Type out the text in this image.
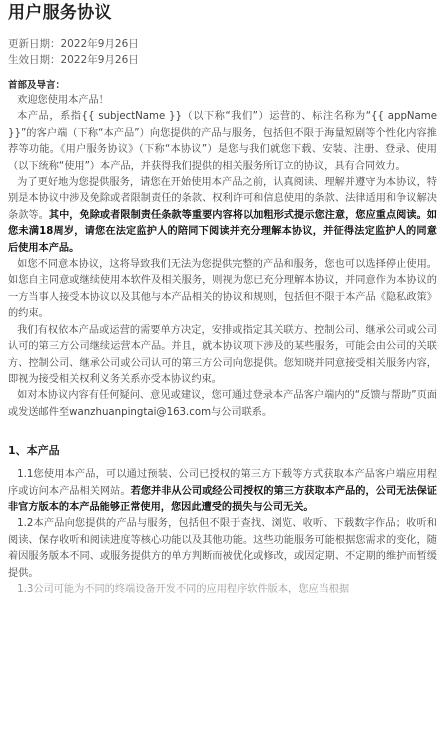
用户服务协议
更新日期：2022年9月26日
生效日期：2022年9月26日
首部及导言：

欢迎您使用本产品！

本产品，系指{{ subjectName }}（以下称“我们”）运营的、标注名称为“{{ appName }}”的客户端（下称“本产品”）向您提供的产品与服务，包括但不限于海量短剧等个性化内容推荐等功能。《用户服务协议》（下称“本协议”）是您与我们就您下载、安装、注册、登录、使用（以下统称“使用”）本产品，并获得我们提供的相关服务所订立的协议，具有合同效力。

为了更好地为您提供服务，请您在开始使用本产品之前，认真阅读、理解并遵守为本协议，特别是本协议中涉及免除或者限制责任的条款、权利许可和信息使用的条款、法律适用和争议解决条款等。其中，免除或者限制责任条款等重要内容将以加粗形式提示您注意，您应重点阅读。如您未满18周岁，请您在法定监护人的陪同下阅读并充分理解本协议，并征得法定监护人的同意后使用本产品。

如您不同意本协议，这将导致我们无法为您提供完整的产品和服务，您也可以选择停止使用。如您自主同意或继续使用本软件及相关服务，则视为您已充分理解本协议，并同意作为本协议的一方当事人接受本协议以及其他与本产品相关的协议和规则，包括但不限于本产品《隐私政策》的约束。

我们有权依本产品或运营的需要单方决定，安排或指定其关联方、控制公司、继承公司或公司认可的第三方公司继续运营本产品。并且，就本协议项下涉及的某些服务，可能会由公司的关联方、控制公司、继承公司或公司认可的第三方公司向您提供。您知晓并同意接受相关服务内容，即视为接受相关权利义务关系亦受本协议约束。

如对本协议内容有任何疑问、意见或建议，您可通过登录本产品客户端内的“反馈与帮助”页面或发送邮件至wanzhuanpingtai@163.com与公司联系。

1、本产品

1.1您使用本产品，可以通过预装、公司已授权的第三方下载等方式获取本产品客户端应用程序或访问本产品相关网站。若您并非从公司或经公司授权的第三方获取本产品的，公司无法保证非官方版本的本产品能够正常使用，您因此遭受的损失与公司无关。

1.2本产品向您提供的产品与服务，包括但不限于查找、浏览、收听、下载数字作品；收听和阅读、保存收听和阅读进度等核心功能以及其他功能。这些功能服务可能根据您需求的变化，随着因服务版本不同、或服务提供方的单方判断而被优化或修改，或因定期、不定期的维护而暂缓提供。

1.3公司可能为不同的终端设备开发不同的应用程序软件版本，您应当根据
